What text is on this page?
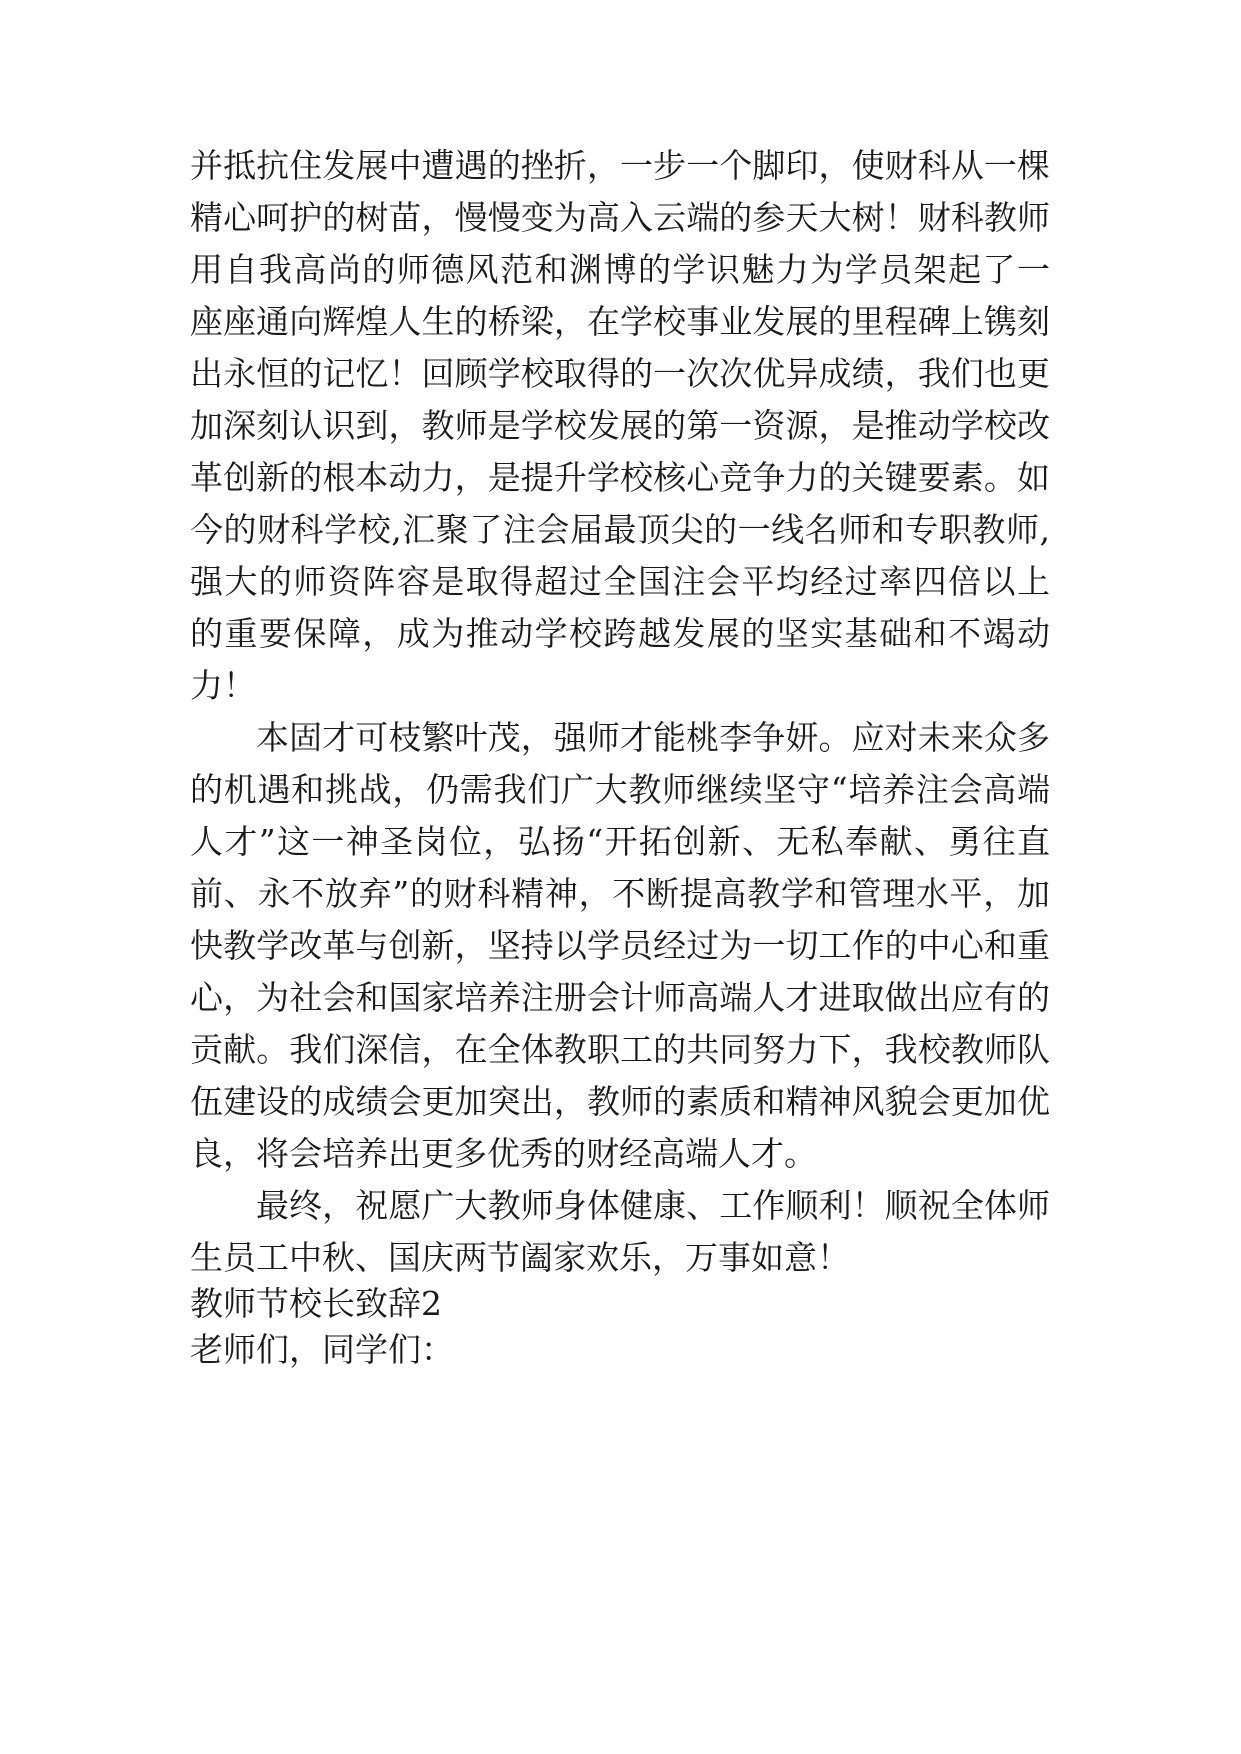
并抵抗住发展中遭遇的挫折，一步一个脚印，使财科从一棵
精心呵护的树苗，慢慢变为高入云端的参天大树！财科教师
用自我高尚的师德风范和渊博的学识魅力为学员架起了一
座座通向辉煌人生的桥梁，在学校事业发展的里程碑上镌刻
出永恒的记忆！回顾学校取得的一次次优异成绩，我们也更
加深刻认识到，教师是学校发展的第一资源，是推动学校改
革创新的根本动力，是提升学校核心竞争力的关键要素。如
今的财科学校,汇聚了注会届最顶尖的一线名师和专职教师,
强大的师资阵容是取得超过全国注会平均经过率四倍以上
的重要保障，成为推动学校跨越发展的坚实基础和不竭动
力！
本固才可枝繁叶茂，强师才能桃李争妍。应对未来众多
的机遇和挑战，仍需我们广大教师继续坚守“培养注会高端
人才”这一神圣岗位，弘扬“开拓创新、无私奉献、勇往直
前、永不放弃”的财科精神，不断提高教学和管理水平，加
快教学改革与创新，坚持以学员经过为一切工作的中心和重
心，为社会和国家培养注册会计师高端人才进取做出应有的
贡献。我们深信，在全体教职工的共同努力下，我校教师队
伍建设的成绩会更加突出，教师的素质和精神风貌会更加优
良，将会培养出更多优秀的财经高端人才。
最终，祝愿广大教师身体健康、工作顺利！顺祝全体师
生员工中秋、国庆两节阖家欢乐，万事如意！
教师节校长致辞2
老师们，同学们：
